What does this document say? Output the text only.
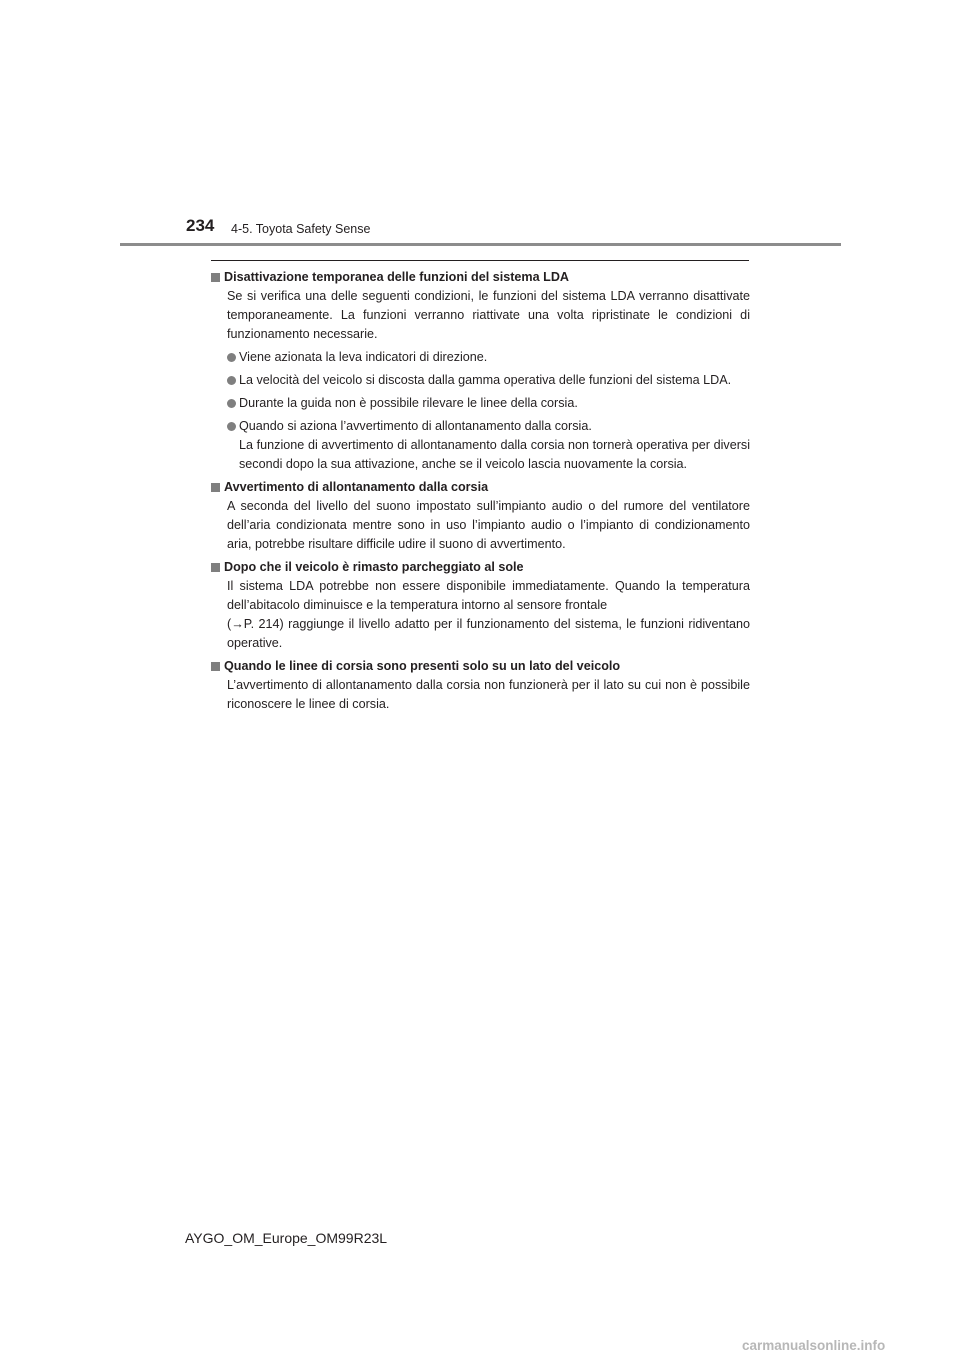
234 4-5. Toyota Safety Sense
Disattivazione temporanea delle funzioni del sistema LDA
Se si verifica una delle seguenti condizioni, le funzioni del sistema LDA verranno disattivate temporaneamente. La funzioni verranno riattivate una volta ripristinate le condizioni di funzionamento necessarie.
Viene azionata la leva indicatori di direzione.
La velocità del veicolo si discosta dalla gamma operativa delle funzioni del sistema LDA.
Durante la guida non è possibile rilevare le linee della corsia.
Quando si aziona l’avvertimento di allontanamento dalla corsia.
La funzione di avvertimento di allontanamento dalla corsia non tornerà operativa per diversi secondi dopo la sua attivazione, anche se il veicolo lascia nuovamente la corsia.
Avvertimento di allontanamento dalla corsia
A seconda del livello del suono impostato sull’impianto audio o del rumore del ventilatore dell’aria condizionata mentre sono in uso l’impianto audio o l’impianto di condizionamento aria, potrebbe risultare difficile udire il suono di avvertimento.
Dopo che il veicolo è rimasto parcheggiato al sole
Il sistema LDA potrebbe non essere disponibile immediatamente. Quando la temperatura dell’abitacolo diminuisce e la temperatura intorno al sensore frontale
(→P. 214) raggiunge il livello adatto per il funzionamento del sistema, le funzioni ridiventano operative.
Quando le linee di corsia sono presenti solo su un lato del veicolo
L’avvertimento di allontanamento dalla corsia non funzionerà per il lato su cui non è possibile riconoscere le linee di corsia.
AYGO_OM_Europe_OM99R23L
carmanualsonline.info
